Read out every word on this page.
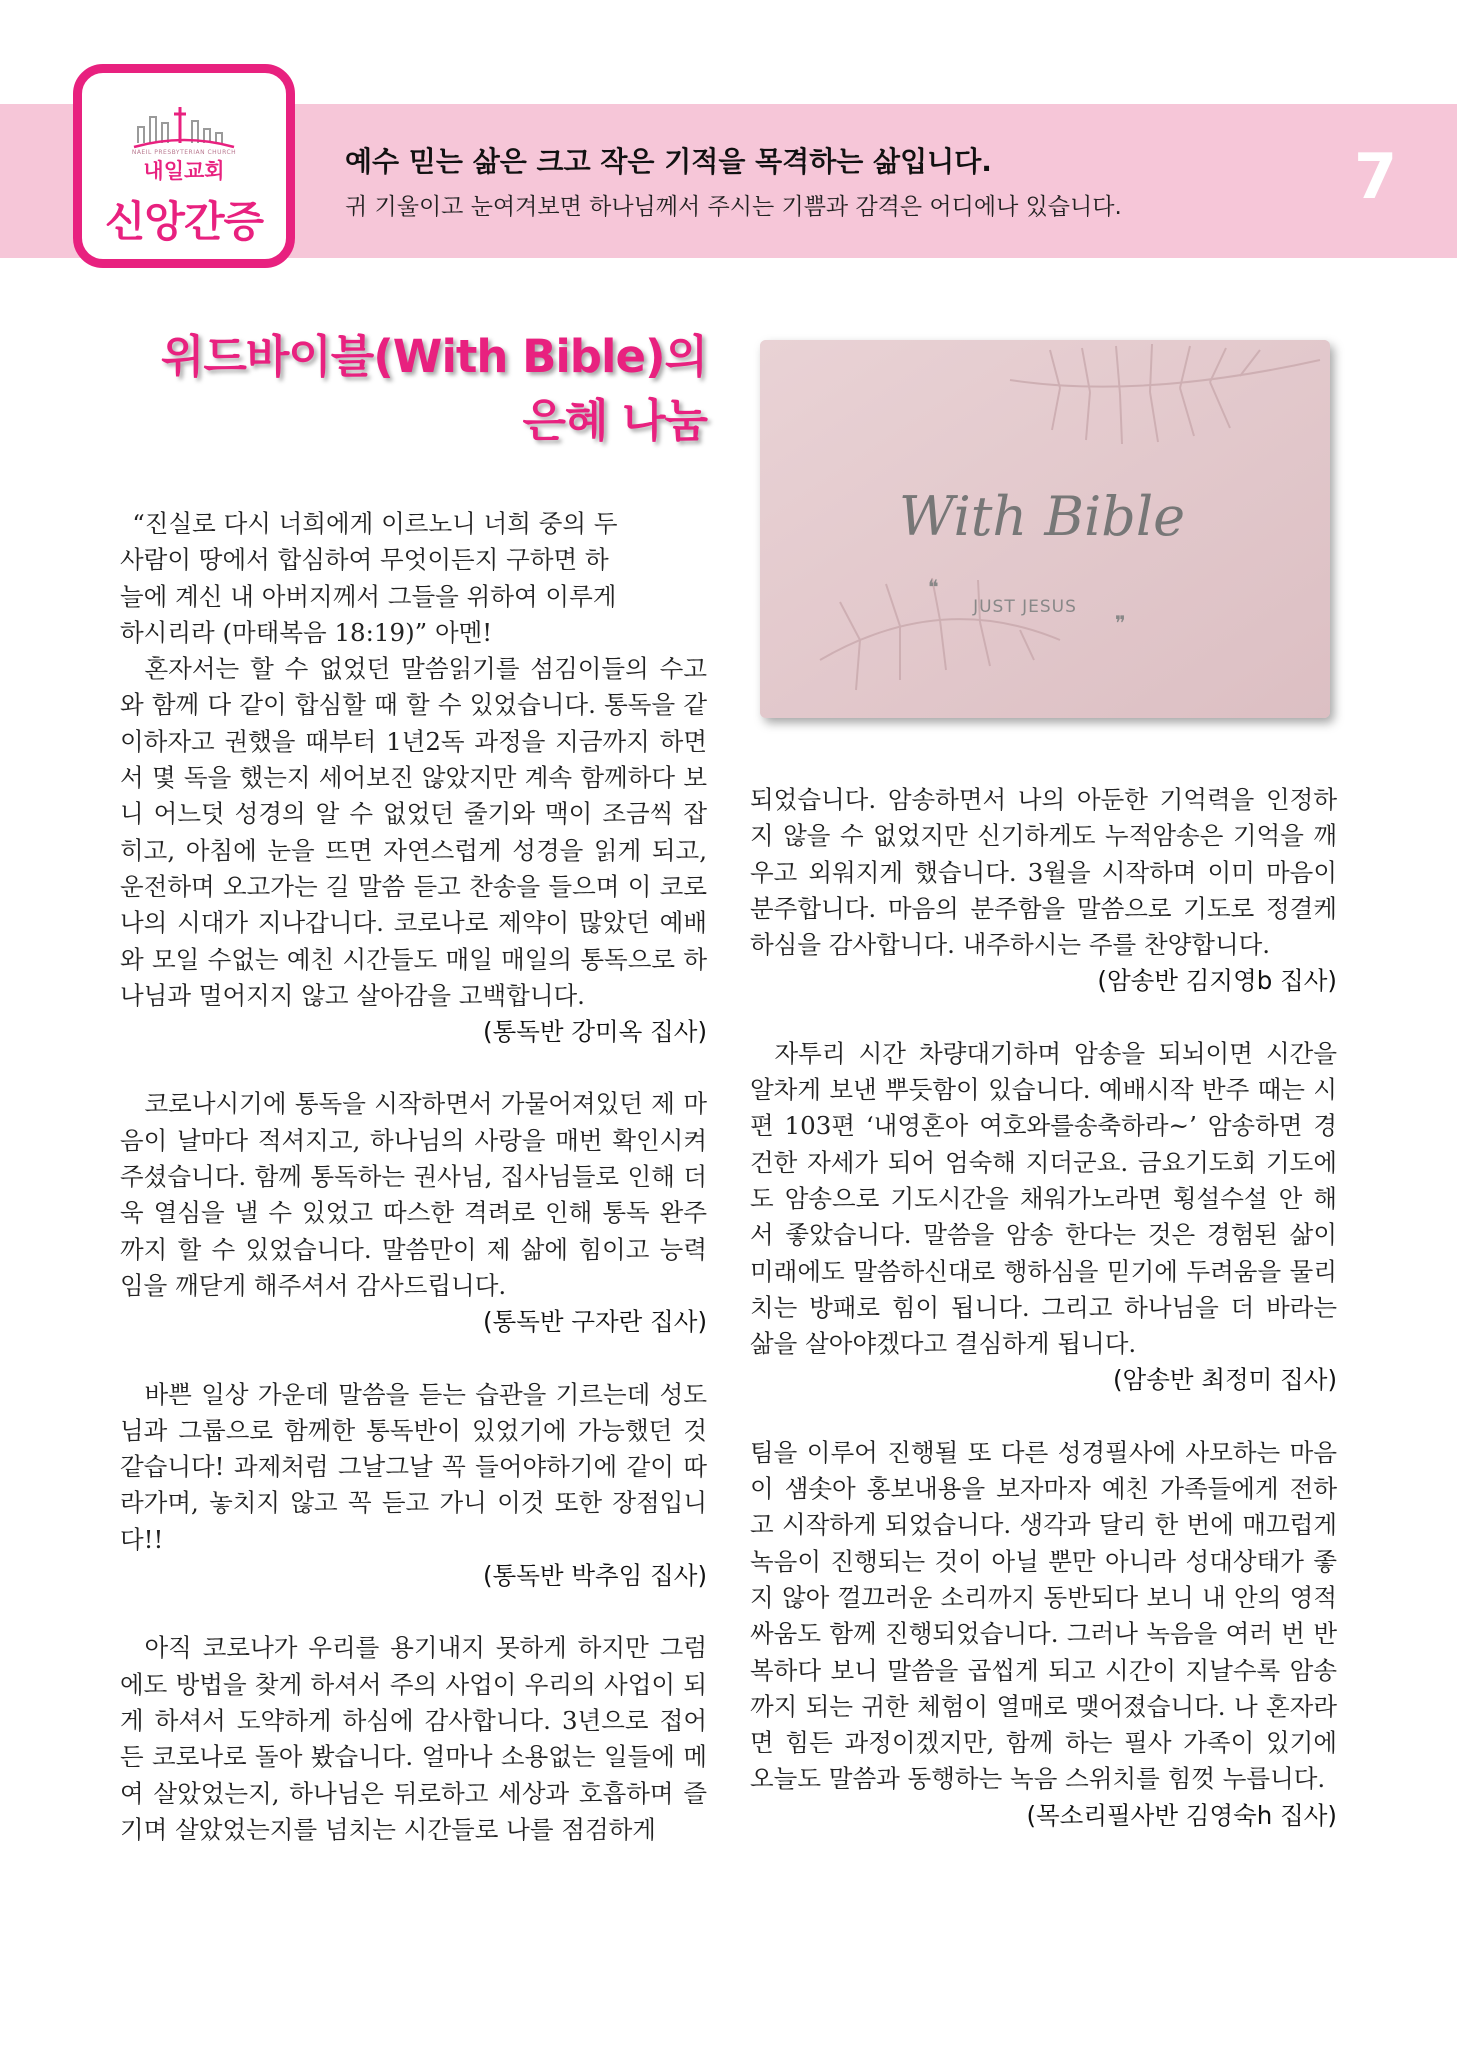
NAEIL PRESBYTERIAN CHURCH
내일교회
신앙간증
예수 믿는 삶은 크고 작은 기적을 목격하는 삶입니다.
귀 기울이고 눈여겨보면 하나님께서 주시는 기쁨과 감격은 어디에나 있습니다.	7
위드바이블(With Bible)의
은혜 나눔
With Bible
❝
JUST JESUS
❞

“진실로 다시 너희에게 이르노니 너희 중의 두

사람이 땅에서 합심하여 무엇이든지 구하면 하

늘에 계신 내 아버지께서 그들을 위하여 이루게

하시리라 (마태복음 18:19)” 아멘!

혼자서는 할 수 없었던 말씀읽기를 섬김이들의 수고와 함께 다 같이 합심할 때 할 수 있었습니다. 통독을 같이하자고 권했을 때부터 1년2독 과정을 지금까지 하면서 몇 독을 했는지 세어보진 않았지만 계속 함께하다 보니 어느덧 성경의 알 수 없었던 줄기와 맥이 조금씩 잡히고, 아침에 눈을 뜨면 자연스럽게 성경을 읽게 되고, 운전하며 오고가는 길 말씀 듣고 찬송을 들으며 이 코로나의 시대가 지나갑니다. 코로나로 제약이 많았던 예배와 모일 수없는 예친 시간들도 매일 매일의 통독으로 하나님과 멀어지지 않고 살아감을 고백합니다.

(통독반 강미옥 집사)

코로나시기에 통독을 시작하면서 가물어져있던 제 마음이 날마다 적셔지고, 하나님의 사랑을 매번 확인시켜 주셨습니다. 함께 통독하는 권사님, 집사님들로 인해 더욱 열심을 낼 수 있었고 따스한 격려로 인해 통독 완주까지 할 수 있었습니다. 말씀만이 제 삶에 힘이고 능력임을 깨닫게 해주셔서 감사드립니다.

(통독반 구자란 집사)

바쁜 일상 가운데 말씀을 듣는 습관을 기르는데 성도님과 그룹으로 함께한 통독반이 있었기에 가능했던 것 같습니다! 과제처럼 그날그날 꼭 들어야하기에 같이 따라가며, 놓치지 않고 꼭 듣고 가니 이것 또한 장점입니다!!

(통독반 박추임 집사)

아직 코로나가 우리를 용기내지 못하게 하지만 그럼에도 방법을 찾게 하셔서 주의 사업이 우리의 사업이 되게 하셔서 도약하게 하심에 감사합니다. 3년으로 접어든 코로나로 돌아 봤습니다. 얼마나 소용없는 일들에 메여 살았었는지, 하나님은 뒤로하고 세상과 호흡하며 즐기며 살았었는지를 넘치는 시간들로 나를 점검하게

되었습니다. 암송하면서 나의 아둔한 기억력을 인정하지 않을 수 없었지만 신기하게도 누적암송은 기억을 깨우고 외워지게 했습니다. 3월을 시작하며 이미 마음이 분주합니다. 마음의 분주함을 말씀으로 기도로 정결케 하심을 감사합니다. 내주하시는 주를 찬양합니다.

(암송반 김지영b 집사)

자투리 시간 차량대기하며 암송을 되뇌이면 시간을 알차게 보낸 뿌듯함이 있습니다. 예배시작 반주 때는 시편 103편 ‘내영혼아 여호와를송축하라~’ 암송하면 경건한 자세가 되어 엄숙해 지더군요. 금요기도회 기도에도 암송으로 기도시간을 채워가노라면 횡설수설 안 해서 좋았습니다. 말씀을 암송 한다는 것은 경험된 삶이 미래에도 말씀하신대로 행하심을 믿기에 두려움을 물리치는 방패로 힘이 됩니다. 그리고 하나님을 더 바라는 삶을 살아야겠다고 결심하게 됩니다.

(암송반 최정미 집사)

팀을 이루어 진행될 또 다른 성경필사에 사모하는 마음이 샘솟아 홍보내용을 보자마자 예친 가족들에게 전하고 시작하게 되었습니다. 생각과 달리 한 번에 매끄럽게 녹음이 진행되는 것이 아닐 뿐만 아니라 성대상태가 좋지 않아 껄끄러운 소리까지 동반되다 보니 내 안의 영적싸움도 함께 진행되었습니다. 그러나 녹음을 여러 번 반복하다 보니 말씀을 곱씹게 되고 시간이 지날수록 암송까지 되는 귀한 체험이 열매로 맺어졌습니다. 나 혼자라면 힘든 과정이겠지만, 함께 하는 필사 가족이 있기에 오늘도 말씀과 동행하는 녹음 스위치를 힘껏 누릅니다.

(목소리필사반 김영숙h 집사)
